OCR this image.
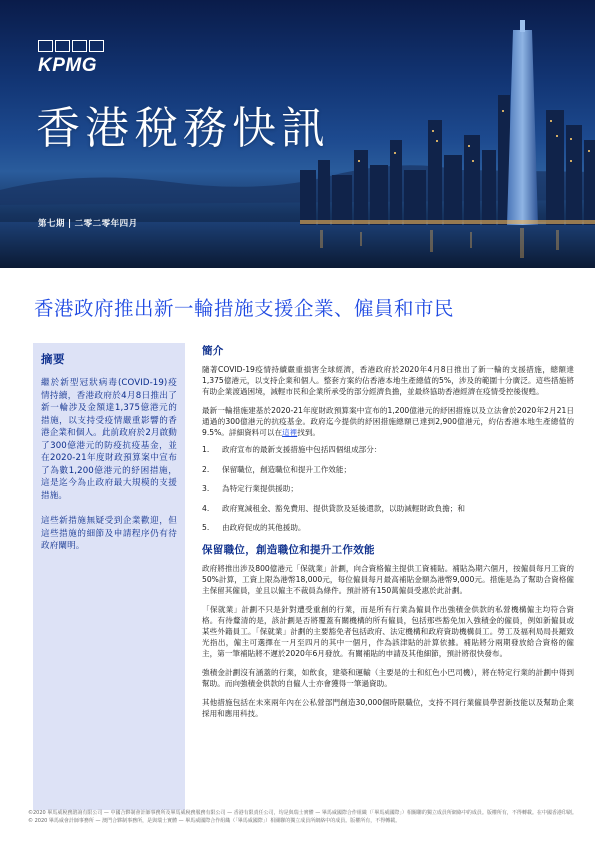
KPMG
香港稅務快訊
第七期 | 二零二零年四月
香港政府推出新一輪措施支援企業、僱員和市民
摘要

繼於新型冠狀病毒(COVID-19)疫情持續，香港政府於4月8日推出了新一輪涉及金額達1,375億港元的措施，以支持受疫情嚴重影響的香港企業和個人。此前政府於2月啟動了300億港元的防疫抗疫基金，並在2020-21年度財政預算案中宣布了為數1,200億港元的紓困措施，這是迄今為止政府最大規模的支援措施。

這些新措施無疑受到企業歡迎，但這些措施的細節及申請程序仍有待政府闡明。

簡介

隨著COVID-19疫情持續嚴重損害全球經濟，香港政府於2020年4月8日推出了新一輪的支援措施，總額達1,375億港元，以支持企業和個人。整套方案約佔香港本地生產總值的5%，涉及的範圍十分廣泛。這些措施將有助企業渡過困境，減輕市民和企業所承受的部分經濟負擔，並最終協助香港經濟在疫情受控後復甦。

最新一輪措施建基於2020-21年度財政預算案中宣布的1,200億港元的紓困措施以及立法會於2020年2月21日通過的300億港元的抗疫基金。政府迄今提供的紓困措施總額已達到2,900億港元，約佔香港本地生產總值的9.5%。詳細資料可以在這裡找到。

1.	政府宣布的最新支援措施中包括四個組成部分：
2.	保留職位，創造職位和提升工作效能；
3.	為特定行業提供援助；
4.	政府寬減租金、豁免費用、提供貸款及延後還款，以助減輕財政負擔；和
5.	由政府促成的其他援助。
保留職位，創造職位和提升工作效能

政府將推出涉及800億港元「保就業」計劃，向合資格僱主提供工資補貼。補貼為期六個月，按僱員每月工資的50%計算，工資上限為港幣18,000元，每位僱員每月最高補貼金額為港幣9,000元。措施是為了幫助合資格僱主保留其僱員，並且以僱主不裁員為條件。預計將有150萬僱員受惠於此計劃。

「保就業」計劃不只是針對遭受重創的行業，而是所有行業為僱員作出強積金供款的私營機構僱主均符合資格。有待釐清的是，該計劃是否將覆蓋有關機構的所有僱員，包括那些豁免加入強積金的僱員，例如新僱員或某些外籍員工。「保就業」計劃的主要豁免者包括政府、法定機構和政府資助機構員工。勞工及福利局局長羅致光指出，僱主可選擇在一月至四月的其中一個月，作為該津貼的計算依據。補貼將分兩期發放給合資格的僱主，第一筆補貼將不遲於2020年6月發放。有關補貼的申請及其他細節，預計將很快發布。

強積金計劃沒有涵蓋的行業，如飲食，建築和運輸（主要是的士和紅色小巴司機），將在特定行業的計劃中得到幫助。而向強積金供款的自僱人士亦會獲得一筆過資助。

其他措施包括在未來兩年內在公私營部門創造30,000個時限職位，支持不同行業僱員學習新技能以及幫助企業採用和應用科技。

©2020 畢馬威稅務諮詢有限公司 — 中國合夥制會計師事務所及畢馬威稅務服務有限公司 — 香港有限責任公司，均是與瑞士實體 — 畢馬威國際合作組織（「畢馬威國際」）相關聯的獨立成員所網絡中的成員。版權所有，不得轉載。在中國香港印刷。

© 2020 畢馬威會計師事務所 — 澳門合夥制事務所，是與瑞士實體 — 畢馬威國際合作組織（「畢馬威國際」）相關聯的獨立成員所網絡中的成員。版權所有，不得轉載。
